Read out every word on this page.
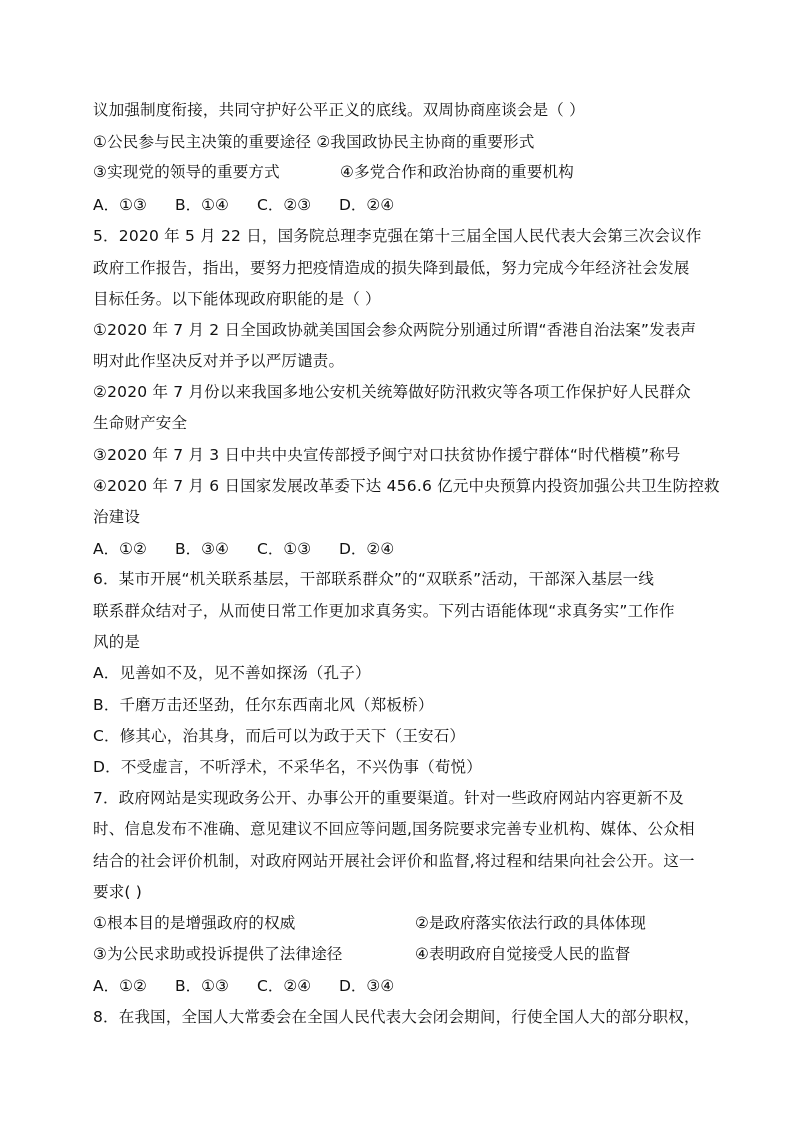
议加强制度衔接，共同守护好公平正义的底线。双周协商座谈会是（ ）
①公民参与民主决策的重要途径 ②我国政协民主协商的重要形式
③实现党的领导的重要方式	④多党合作和政治协商的重要机构
A．①③ B．①④ C．②③ D．②④
5．2020 年 5 月 22 日，国务院总理李克强在第十三届全国人民代表大会第三次会议作
政府工作报告，指出，要努力把疫情造成的损失降到最低，努力完成今年经济社会发展
目标任务。以下能体现政府职能的是（ ）
①2020 年 7 月 2 日全国政协就美国国会参众两院分别通过所谓“香港自治法案”发表声
明对此作坚决反对并予以严厉谴责。
②2020 年 7 月份以来我国多地公安机关统筹做好防汛救灾等各项工作保护好人民群众
生命财产安全
③2020 年 7 月 3 日中共中央宣传部授予闽宁对口扶贫协作援宁群体“时代楷模”称号
④2020 年 7 月 6 日国家发展改革委下达 456.6 亿元中央预算内投资加强公共卫生防控救
治建设
A．①② B．③④ C．①③ D．②④
6．某市开展“机关联系基层，干部联系群众”的“双联系”活动，干部深入基层一线
联系群众结对子，从而使日常工作更加求真务实。下列古语能体现“求真务实”工作作
风的是
A．见善如不及，见不善如探汤（孔子）
B．千磨万击还坚劲，任尔东西南北风（郑板桥）
C．修其心，治其身，而后可以为政于天下（王安石）
D．不受虚言，不听浮术，不采华名，不兴伪事（荀悦）
7．政府网站是实现政务公开、办事公开的重要渠道。针对一些政府网站内容更新不及
时、信息发布不准确、意见建议不回应等问题,国务院要求完善专业机构、媒体、公众相
结合的社会评价机制，对政府网站开展社会评价和监督,将过程和结果向社会公开。这一
要求( )
①根本目的是增强政府的权威	②是政府落实依法行政的具体体现
③为公民求助或投诉提供了法律途径	④表明政府自觉接受人民的监督
A．①② B．①③ C．②④ D．③④
8．在我国，全国人大常委会在全国人民代表大会闭会期间，行使全国人大的部分职权，
